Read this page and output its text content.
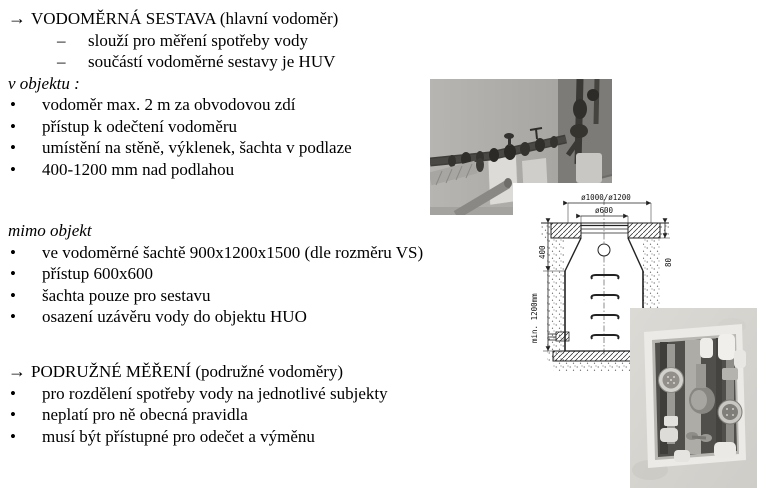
→ VODOMĚRNÁ SESTAVA (hlavní vodoměr)
– slouží pro měření spotřeby vody
– součástí vodoměrné sestavy je HUV
v objektu :
• vodoměr max. 2 m za obvodovou zdí
• přístup k odečtení vodoměru
• umístění na stěně, výklenek, šachta v podlaze
• 400-1200 mm nad podlahou
mimo objekt
• ve vodoměrné šachtě 900x1200x1500 (dle rozměru VS)
• přístup 600x600
• šachta pouze pro sestavu
• osazení uzávěru vody do objektu HUO
→ PODRUŽNÉ MĚŘENÍ (podružné vodoměry)
• pro rozdělení spotřeby vody na jednotlivé subjekty
• neplatí pro ně obecná pravidla
• musí být přístupné pro odečet a výměnu
ø1000/ø1200
ø600
400
min. 1200mm
80
